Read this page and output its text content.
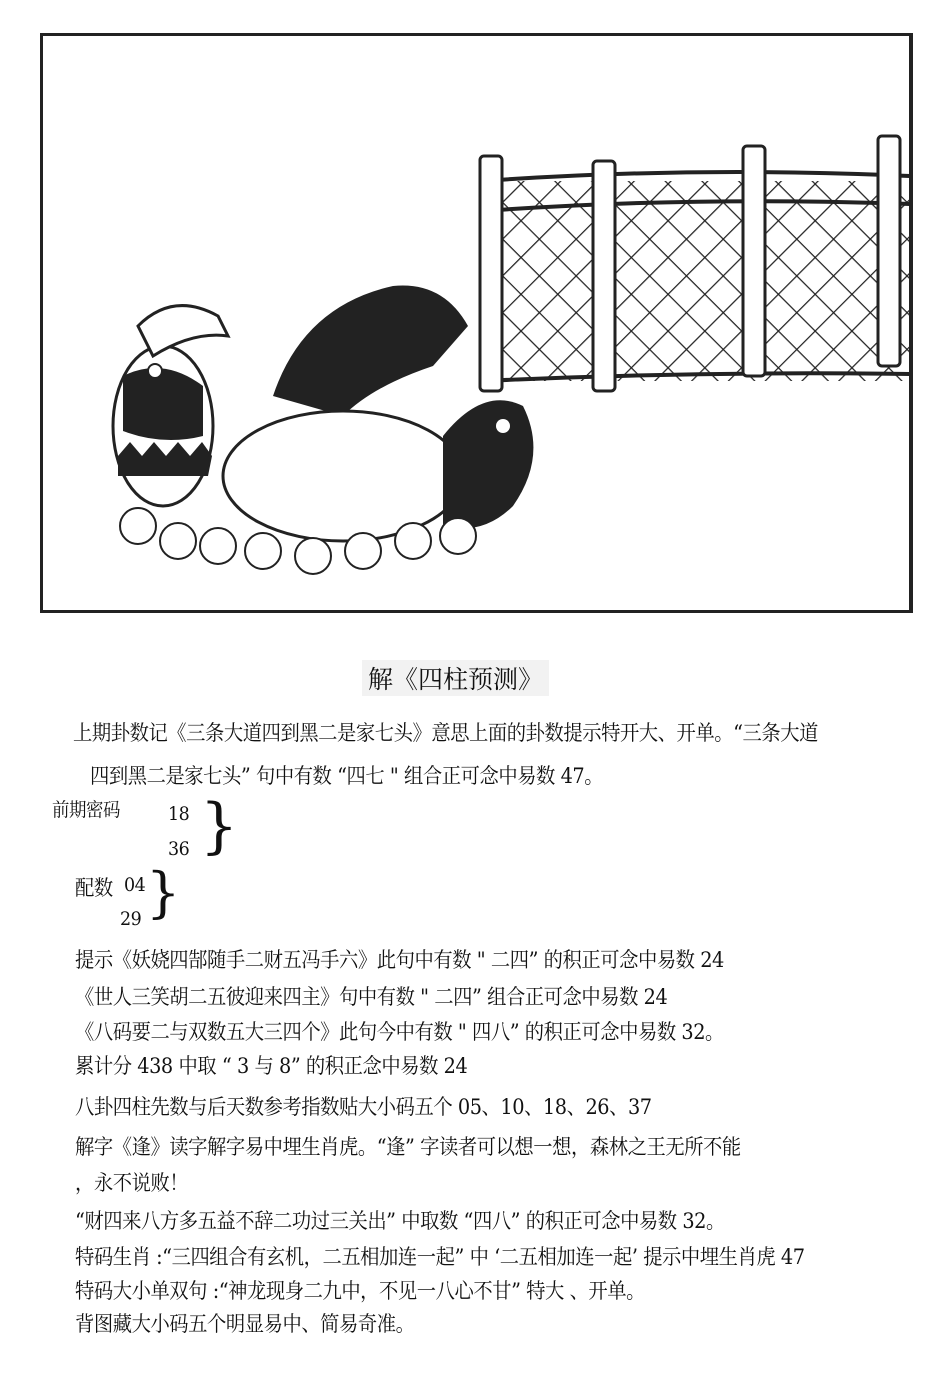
解《四柱预测》
上期卦数记《三条大道四到黑二是家七头》意思上面的卦数提示特开大、开单。“三条大道
四到黑二是家七头” 句中有数 “四七 " 组合正可念中易数 47。
前期密码	18
36 }
配数 04
29 }
提示《妖娆四郜随手二财五冯手六》此句中有数 " 二四” 的积正可念中易数 24
《世人三笑胡二五彼迎来四主》句中有数 " 二四” 组合正可念中易数 24
《八码要二与双数五大三四个》此句今中有数 " 四八” 的积正可念中易数 32。
累计分 438 中取 “ 3 与 8” 的积正念中易数 24
八卦四柱先数与后天数参考指数贴大小码五个 05、10、18、26、37
解字《逢》读字解字易中埋生肖虎。“逢” 字读者可以想一想，森林之王无所不能
，永不说败！
“财四来八方多五益不辞二功过三关出” 中取数 “四八” 的积正可念中易数 32。
特码生肖 :“三四组合有玄机，二五相加连一起” 中 ‘二五相加连一起’ 提示中埋生肖虎 47
特码大小单双句 :“神龙现身二九中，不见一八心不甘” 特大 、开单。
背图藏大小码五个明显易中、简易奇准。
